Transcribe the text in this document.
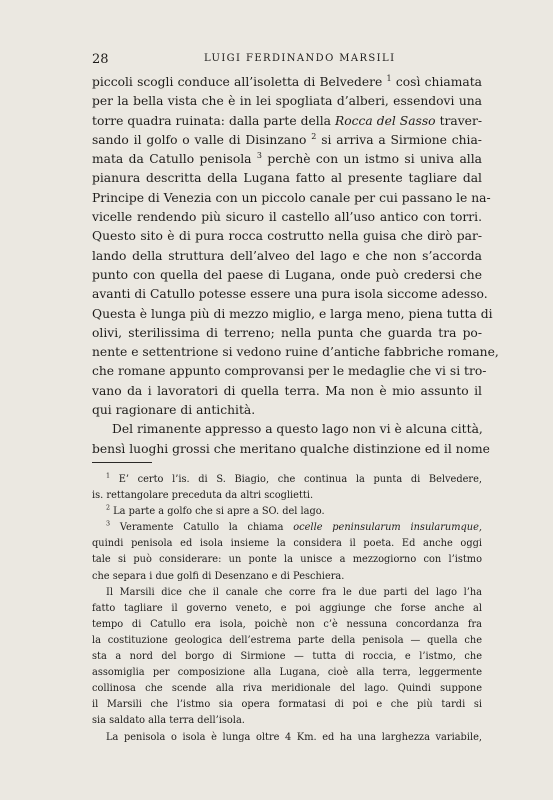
28	LUIGI FERDINANDO MARSILI
piccoli scogli conduce all’isoletta di Belvedere $^1$ così chiamata
per la bella vista che è in lei spogliata d’alberi, essendovi una
torre quadra ruinata: dalla parte della Rocca del Sasso traver-
sando il golfo o valle di Disinzano $^2$ si arriva a Sirmione chia-
mata da Catullo penisola $^3$ perchè con un istmo si univa alla
pianura descritta della Lugana fatto al presente tagliare dal
Principe di Venezia con un piccolo canale per cui passano le na-
vicelle rendendo più sicuro il castello all’uso antico con torri.
Questo sito è di pura rocca costrutto nella guisa che dirò par-
lando della struttura dell’alveo del lago e che non s’accorda
punto con quella del paese di Lugana, onde può credersi che
avanti di Catullo potesse essere una pura isola siccome adesso.
Questa è lunga più di mezzo miglio, e larga meno, piena tutta di
olivi, sterilissima di terreno; nella punta che guarda tra po-
nente e settentrione si vedono ruine d’antiche fabbriche romane,
che romane appunto comprovansi per le medaglie che vi si tro-
vano da i lavoratori di quella terra. Ma non è mio assunto il
qui ragionare di antichità.
Del rimanente appresso a questo lago non vi è alcuna città,
bensì luoghi grossi che meritano qualche distinzione ed il nome
$^1$ E’ certo l’is. di S. Biagio, che continua la punta di Belvedere,
is. rettangolare preceduta da altri scoglietti.
$^2$ La parte a golfo che si apre a SO. del lago.
$^3$ Veramente Catullo la chiama ocelle peninsularum insularumque,
quindi penisola ed isola insieme la considera il poeta. Ed anche oggi
tale si può considerare: un ponte la unisce a mezzogiorno con l’istmo
che separa i due golfi di Desenzano e di Peschiera.
Il Marsili dice che il canale che corre fra le due parti del lago l’ha
fatto tagliare il governo veneto, e poi aggiunge che forse anche al
tempo di Catullo era isola, poichè non c’è nessuna concordanza fra
la costituzione geologica dell’estrema parte della penisola — quella che
sta a nord del borgo di Sirmione — tutta di roccia, e l’istmo, che
assomiglia per composizione alla Lugana, cioè alla terra, leggermente
collinosa che scende alla riva meridionale del lago. Quindi suppone
il Marsili che l’istmo sia opera formatasi di poi e che più tardi si
sia saldato alla terra dell’isola.
La penisola o isola è lunga oltre 4 Km. ed ha una larghezza variabile,
